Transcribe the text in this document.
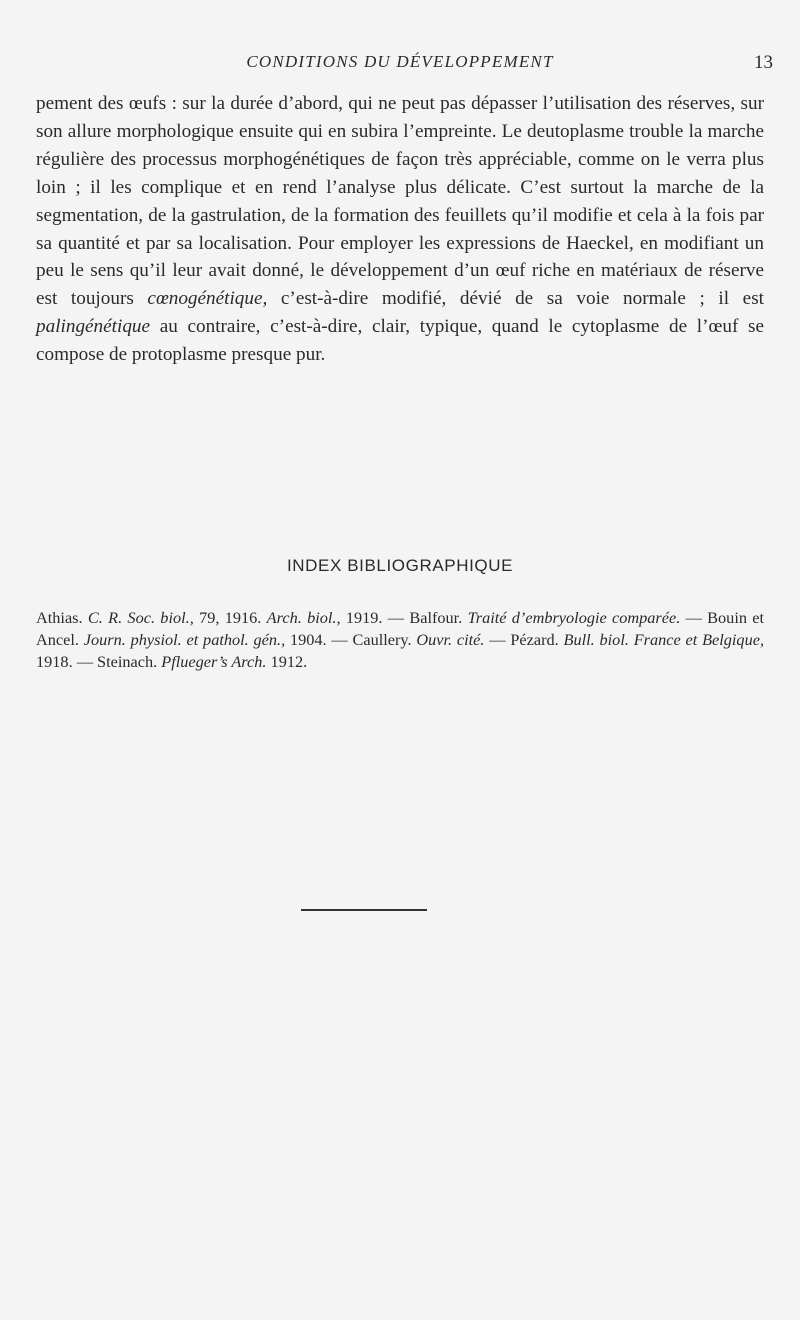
CONDITIONS DU DÉVELOPPEMENT	13
pement des œufs : sur la durée d’abord, qui ne peut pas dépasser l’utilisation des réserves, sur son allure morphologique ensuite qui en subira l’empreinte. Le deutoplasme trouble la marche régulière des processus morphogénétiques de façon très appréciable, comme on le verra plus loin ; il les complique et en rend l’analyse plus délicate. C’est surtout la marche de la segmentation, de la gastrulation, de la formation des feuillets qu’il modifie et cela à la fois par sa quantité et par sa localisation. Pour employer les expressions de Haeckel, en modifiant un peu le sens qu’il leur avait donné, le développement d’un œuf riche en matériaux de réserve est toujours cœnogénétique, c’est-à-dire modifié, dévié de sa voie normale ; il est palingénétique au contraire, c’est-à-dire, clair, typique, quand le cytoplasme de l’œuf se compose de protoplasme presque pur.
INDEX BIBLIOGRAPHIQUE
Athias. C. R. Soc. biol., 79, 1916. Arch. biol., 1919. — Balfour. Traité d’embryologie comparée. — Bouin et Ancel. Journ. physiol. et pathol. gén., 1904. — Caullery. Ouvr. cité. — Pézard. Bull. biol. France et Belgique, 1918. — Steinach. Pflueger’s Arch. 1912.
